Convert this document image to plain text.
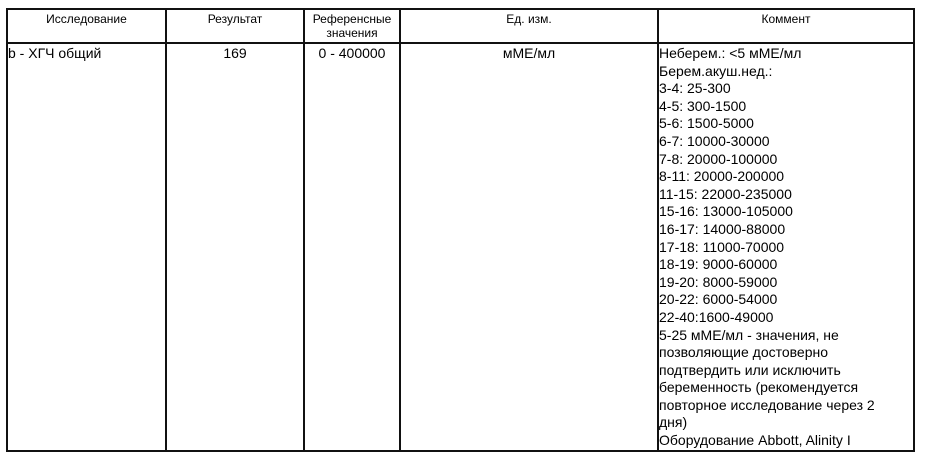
Исследование	Результат	Референсные значения	Ед. изм.	Коммент
b - ХГЧ общий	169	0 - 400000	мМЕ/мл	Неберем.: <5 мМЕ/мл
Берем.акуш.нед.:
3-4: 25-300
4-5: 300-1500
5-6: 1500-5000
6-7: 10000-30000
7-8: 20000-100000
8-11: 20000-200000
11-15: 22000-235000
15-16: 13000-105000
16-17: 14000-88000
17-18: 11000-70000
18-19: 9000-60000
19-20: 8000-59000
20-22: 6000-54000
22-40:1600-49000
5-25 мМЕ/мл - значения, не
позволяющие достоверно
подтвердить или исключить
беременность (рекомендуется
повторное исследование через 2
дня)
Оборудование Abbott, Alinity I
